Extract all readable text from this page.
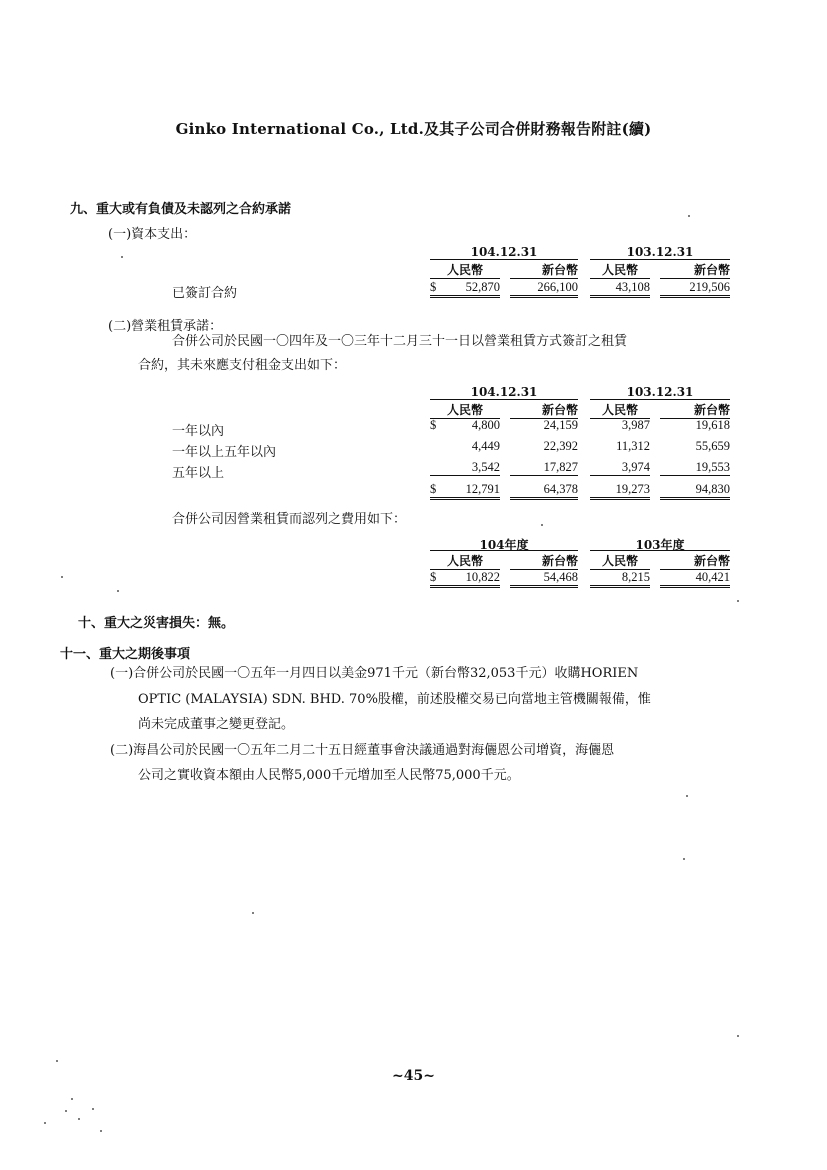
Ginko International Co., Ltd.及其子公司合併財務報告附註(續)
九、重大或有負債及未認列之合約承諾
(一)資本支出：
104.12.31	103.12.31
人民幣	新台幣	人民幣	新台幣
已簽訂合約	$	52,870	266,100	43,108	219,506
(二)營業租賃承諾：
合併公司於民國一〇四年及一〇三年十二月三十一日以營業租賃方式簽訂之租賃
合約，其未來應支付租金支出如下：
104.12.31	103.12.31
人民幣	新台幣	人民幣	新台幣
一年以內	$	4,800	24,159	3,987	19,618
一年以上五年以內	4,449	22,392	11,312	55,659
五年以上	3,542	17,827	3,974	19,553
$	12,791	64,378	19,273	94,830
合併公司因營業租賃而認列之費用如下：
104年度	103年度
人民幣	新台幣	人民幣	新台幣
$	10,822	54,468	8,215	40,421
十、重大之災害損失：無。
十一、重大之期後事項
(一)合併公司於民國一〇五年一月四日以美金971千元（新台幣32,053千元）收購HORIEN
OPTIC (MALAYSIA) SDN. BHD. 70%股權，前述股權交易已向當地主管機關報備，惟
尚未完成董事之變更登記。
(二)海昌公司於民國一〇五年二月二十五日經董事會決議通過對海儷恩公司增資，海儷恩
公司之實收資本額由人民幣5,000千元增加至人民幣75,000千元。
~45~
